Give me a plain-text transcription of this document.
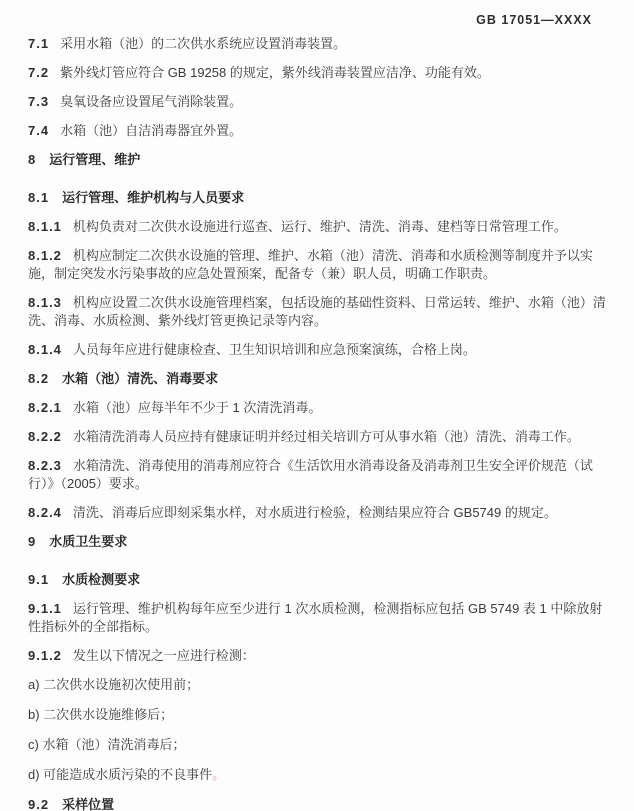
GB 17051—XXXX

7.1 采用水箱（池）的二次供水系统应设置消毒装置。

7.2 紫外线灯管应符合 GB 19258 的规定，紫外线消毒装置应洁净、功能有效。

7.3 臭氧设备应设置尾气消除装置。

7.4 水箱（池）自洁消毒器宜外置。

8 运行管理、维护

8.1 运行管理、维护机构与人员要求

8.1.1 机构负责对二次供水设施进行巡查、运行、维护、清洗、消毒、建档等日常管理工作。

8.1.2 机构应制定二次供水设施的管理、维护、水箱（池）清洗、消毒和水质检测等制度并予以实施，制定突发水污染事故的应急处置预案，配备专（兼）职人员，明确工作职责。

8.1.3 机构应设置二次供水设施管理档案，包括设施的基础性资料、日常运转、维护、水箱（池）清洗、消毒、水质检测、紫外线灯管更换记录等内容。

8.1.4 人员每年应进行健康检查、卫生知识培训和应急预案演练，合格上岗。

8.2 水箱（池）清洗、消毒要求

8.2.1 水箱（池）应每半年不少于 1 次清洗消毒。

8.2.2 水箱清洗消毒人员应持有健康证明并经过相关培训方可从事水箱（池）清洗、消毒工作。

8.2.3 水箱清洗、消毒使用的消毒剂应符合《生活饮用水消毒设备及消毒剂卫生安全评价规范（试行）》（2005）要求。

8.2.4 清洗、消毒后应即刻采集水样，对水质进行检验，检测结果应符合 GB5749 的规定。

9 水质卫生要求

9.1 水质检测要求

9.1.1 运行管理、维护机构每年应至少进行 1 次水质检测，检测指标应包括 GB 5749 表 1 中除放射性指标外的全部指标。

9.1.2 发生以下情况之一应进行检测：

a) 二次供水设施初次使用前；

b) 二次供水设施维修后；

c) 水箱（池）清洗消毒后；

d) 可能造成水质污染的不良事件。

9.2 采样位置
